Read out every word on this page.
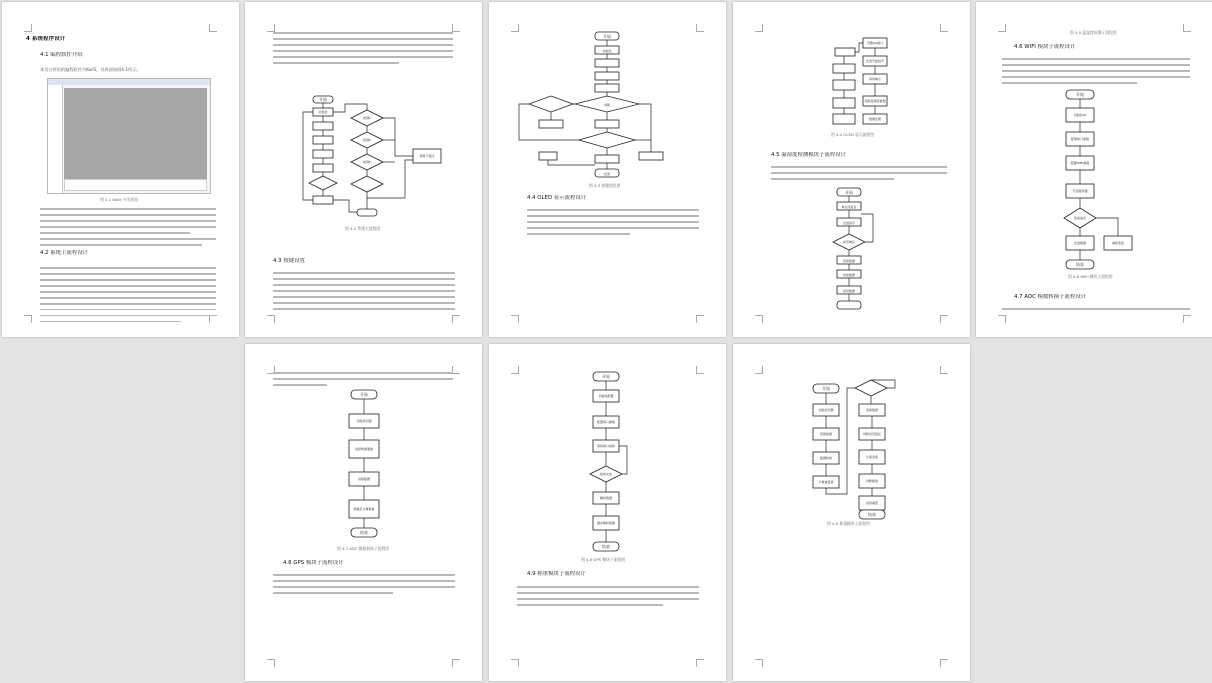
4 系统程序设计
4.1 编程软件介绍
本设计所用的编程软件为Keil5，其界面如图4-1所示。
图 4-1 Keil5 开发界面
4.2 系统主流程设计
开始
初始化
按键1
按键2
按键3
调用子程序
图 4-2 系统主流程图
4.3 按键设置
开始
初始化
判断
结束
图 4-3 按键流程图
4.4 OLED 显示流程设计
设置I/O端口
发送开始信号
等待响应
读取温湿度数据
数据处理
图 4-4 OLED 显示流程图
4.5 温湿度检测模块子流程设计
开始
单总线复位
发送指令
是否响应
读取数据
校验数据
返回数据
图 4-5 温湿度检测子流程图
4.6 WIFI 模块子流程设计
开始
初始化IO
配置串口参数
配置WIFI参数
开启服务器
连接成功
发送数据	重新连接
结束
图 4-6 WIFI 模块子流程图
4.7 ADC 模数转换子流程设计
开始
初始化引脚
选择转换通道
读取数据
转换后计算数值
结束
图 4-7 ADC 模数转换子流程图
4.8 GPS 模块子流程设计
开始
初始化配置
配置串口参数
等待串口接收
接收完成
解析数据
储存解析数据
结束
图 4-8 GPS 模块子流程图
4.9 称重模块子流程设计
开始
初始化引脚
读取数据
数据转换
计算重量值
读取数据
判断是否稳定
计算差值
判断数值
返回重量
结束
图 4-9 称重模块子流程图
